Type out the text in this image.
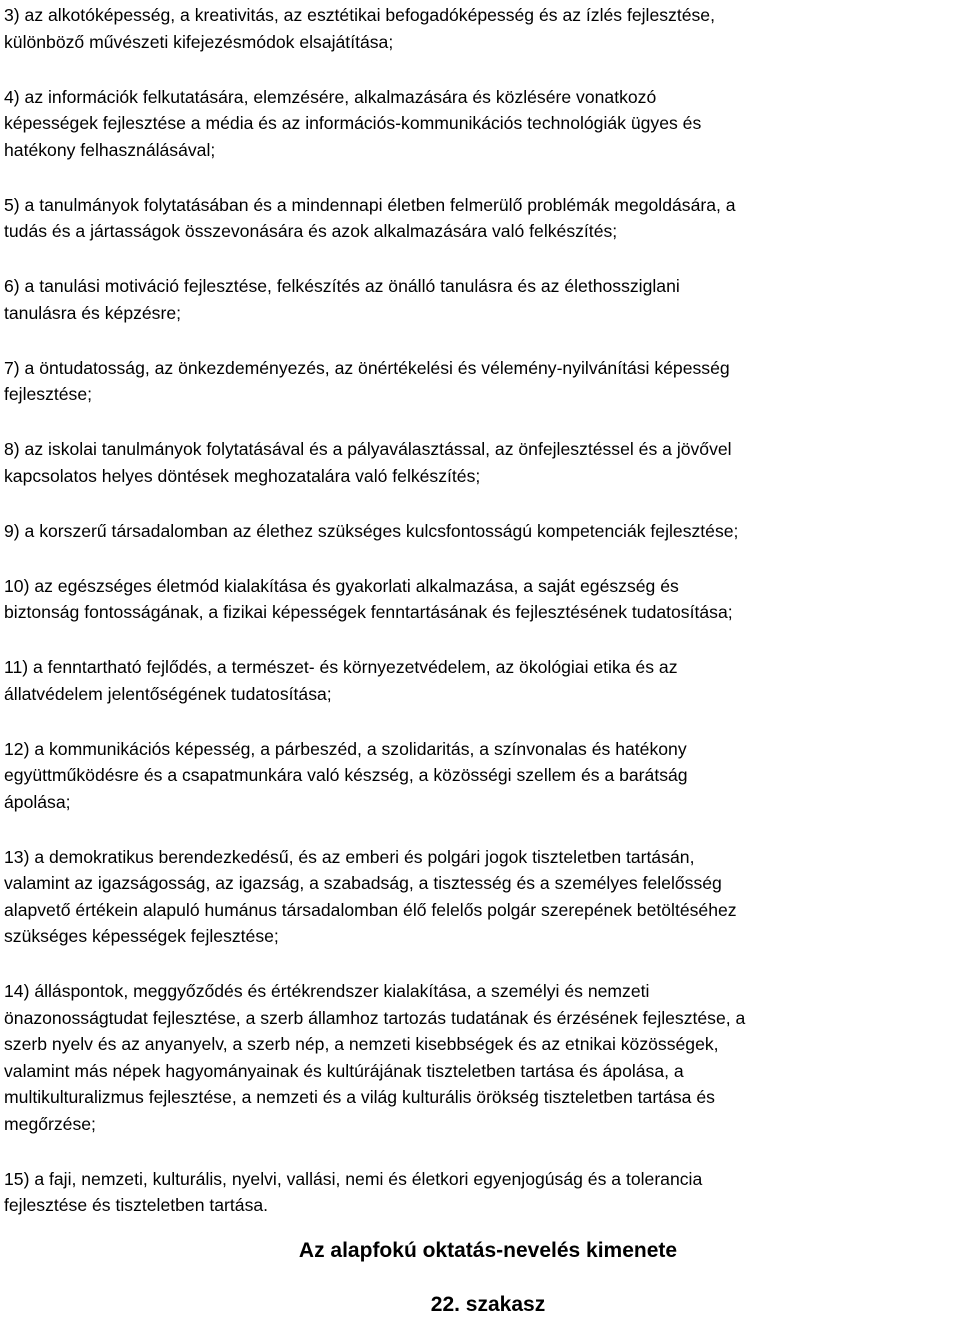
3) az alkotóképesség, a kreativitás, az esztétikai befogadóképesség és az ízlés fejlesztése,
különböző művészeti kifejezésmódok elsajátítása;

4) az információk felkutatására, elemzésére, alkalmazására és közlésére vonatkozó
képességek fejlesztése a média és az információs-kommunikációs technológiák ügyes és
hatékony felhasználásával;

5) a tanulmányok folytatásában és a mindennapi életben felmerülő problémák megoldására, a
tudás és a jártasságok összevonására és azok alkalmazására való felkészítés;

6) a tanulási motiváció fejlesztése, felkészítés az önálló tanulásra és az élethossziglani
tanulásra és képzésre;

7) a öntudatosság, az önkezdeményezés, az önértékelési és vélemény-nyilvánítási képesség
fejlesztése;

8) az iskolai tanulmányok folytatásával és a pályaválasztással, az önfejlesztéssel és a jövővel
kapcsolatos helyes döntések meghozatalára való felkészítés;

9) a korszerű társadalomban az élethez szükséges kulcsfontosságú kompetenciák fejlesztése;

10) az egészséges életmód kialakítása és gyakorlati alkalmazása, a saját egészség és
biztonság fontosságának, a fizikai képességek fenntartásának és fejlesztésének tudatosítása;

11) a fenntartható fejlődés, a természet- és környezetvédelem, az ökológiai etika és az
állatvédelem jelentőségének tudatosítása;

12) a kommunikációs képesség, a párbeszéd, a szolidaritás, a színvonalas és hatékony
együttműködésre és a csapatmunkára való készség, a közösségi szellem és a barátság
ápolása;

13) a demokratikus berendezkedésű, és az emberi és polgári jogok tiszteletben tartásán,
valamint az igazságosság, az igazság, a szabadság, a tisztesség és a személyes felelősség
alapvető értékein alapuló humánus társadalomban élő felelős polgár szerepének betöltéséhez
szükséges képességek fejlesztése;

14) álláspontok, meggyőződés és értékrendszer kialakítása, a személyi és nemzeti
önazonosságtudat fejlesztése, a szerb államhoz tartozás tudatának és érzésének fejlesztése, a
szerb nyelv és az anyanyelv, a szerb nép, a nemzeti kisebbségek és az etnikai közösségek,
valamint más népek hagyományainak és kultúrájának tiszteletben tartása és ápolása, a
multikulturalizmus fejlesztése, a nemzeti és a világ kulturális örökség tiszteletben tartása és
megőrzése;

15) a faji, nemzeti, kulturális, nyelvi, vallási, nemi és életkori egyenjogúság és a tolerancia
fejlesztése és tiszteletben tartása.

Az alapfokú oktatás-nevelés kimenete
22. szakasz
